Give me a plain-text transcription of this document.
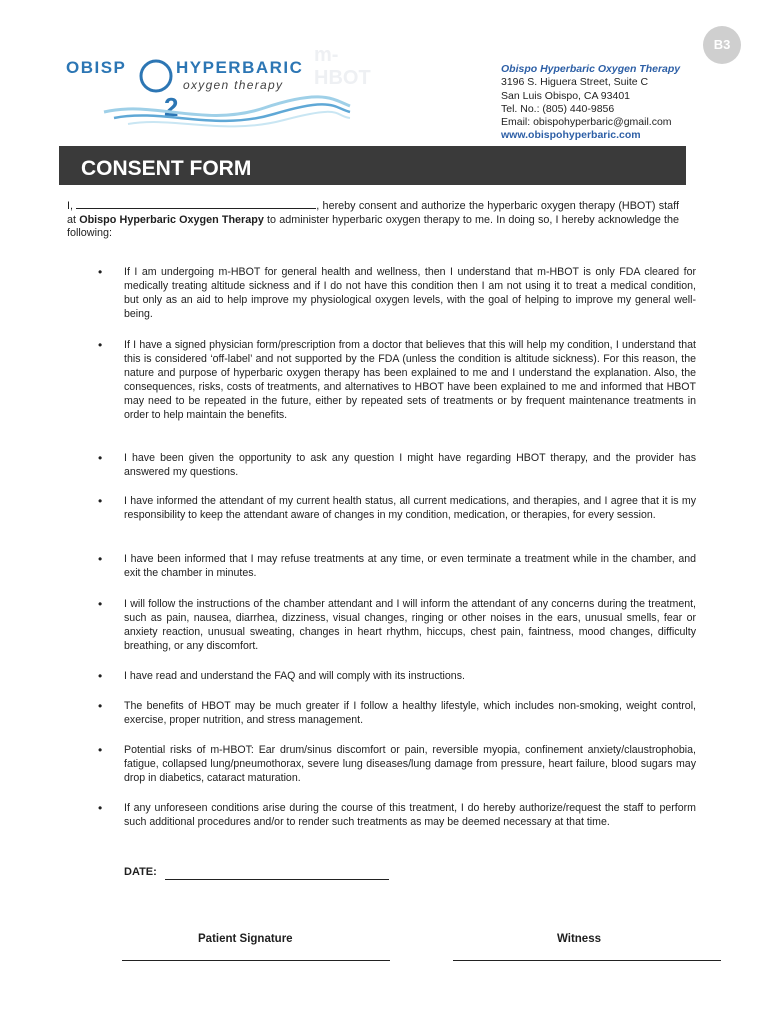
B3
m-HBOT
2
OBISP	HYPERBARIC
oxygen therapy
Obispo Hyperbaric Oxygen Therapy
3196 S. Higuera Street, Suite C
San Luis Obispo, CA 93401
Tel. No.: (805) 440-9856
Email: obispohyperbaric@gmail.com
www.obispohyperbaric.com
CONSENT FORM
I,	, hereby consent and authorize the hyperbaric oxygen therapy (HBOT) staff at Obispo Hyperbaric Oxygen Therapy to administer hyperbaric oxygen therapy to me. In doing so, I hereby acknowledge the following:
• If I am undergoing m-HBOT for general health and wellness, then I understand that m-HBOT is only FDA cleared for medically treating altitude sickness and if I do not have this condition then I am not using it to treat a medical condition, but only as an aid to help improve my physiological oxygen levels, with the goal of helping to improve my general well-being.
• If I have a signed physician form/prescription from a doctor that believes that this will help my condition, I understand that this is considered ‘off-label’ and not supported by the FDA (unless the condition is altitude sickness). For this reason, the nature and purpose of hyperbaric oxygen therapy has been explained to me and I understand the explanation. Also, the consequences, risks, costs of treatments, and alternatives to HBOT have been explained to me and informed that HBOT may need to be repeated in the future, either by repeated sets of treatments or by frequent maintenance treatments in order to help maintain the benefits.
• I have been given the opportunity to ask any question I might have regarding HBOT therapy, and the provider has answered my questions.
• I have informed the attendant of my current health status, all current medications, and therapies, and I agree that it is my responsibility to keep the attendant aware of changes in my condition, medication, or therapies, for every session.
• I have been informed that I may refuse treatments at any time, or even terminate a treatment while in the chamber, and exit the chamber in minutes.
• I will follow the instructions of the chamber attendant and I will inform the attendant of any concerns during the treatment, such as pain, nausea, diarrhea, dizziness, visual changes, ringing or other noises in the ears, unusual smells, fear or anxiety reaction, unusual sweating, changes in heart rhythm, hiccups, chest pain, faintness, mood changes, difficulty breathing, or any discomfort.
• I have read and understand the FAQ and will comply with its instructions.
• The benefits of HBOT may be much greater if I follow a healthy lifestyle, which includes non-smoking, weight control, exercise, proper nutrition, and stress management.
• Potential risks of m-HBOT: Ear drum/sinus discomfort or pain, reversible myopia, confinement anxiety/claustrophobia, fatigue, collapsed lung/pneumothorax, severe lung diseases/lung damage from pressure, heart failure, blood sugars may drop in diabetics, cataract maturation.
• If any unforeseen conditions arise during the course of this treatment, I do hereby authorize/request the staff to perform such additional procedures and/or to render such treatments as may be deemed necessary at that time.
DATE:
Patient Signature	Witness
